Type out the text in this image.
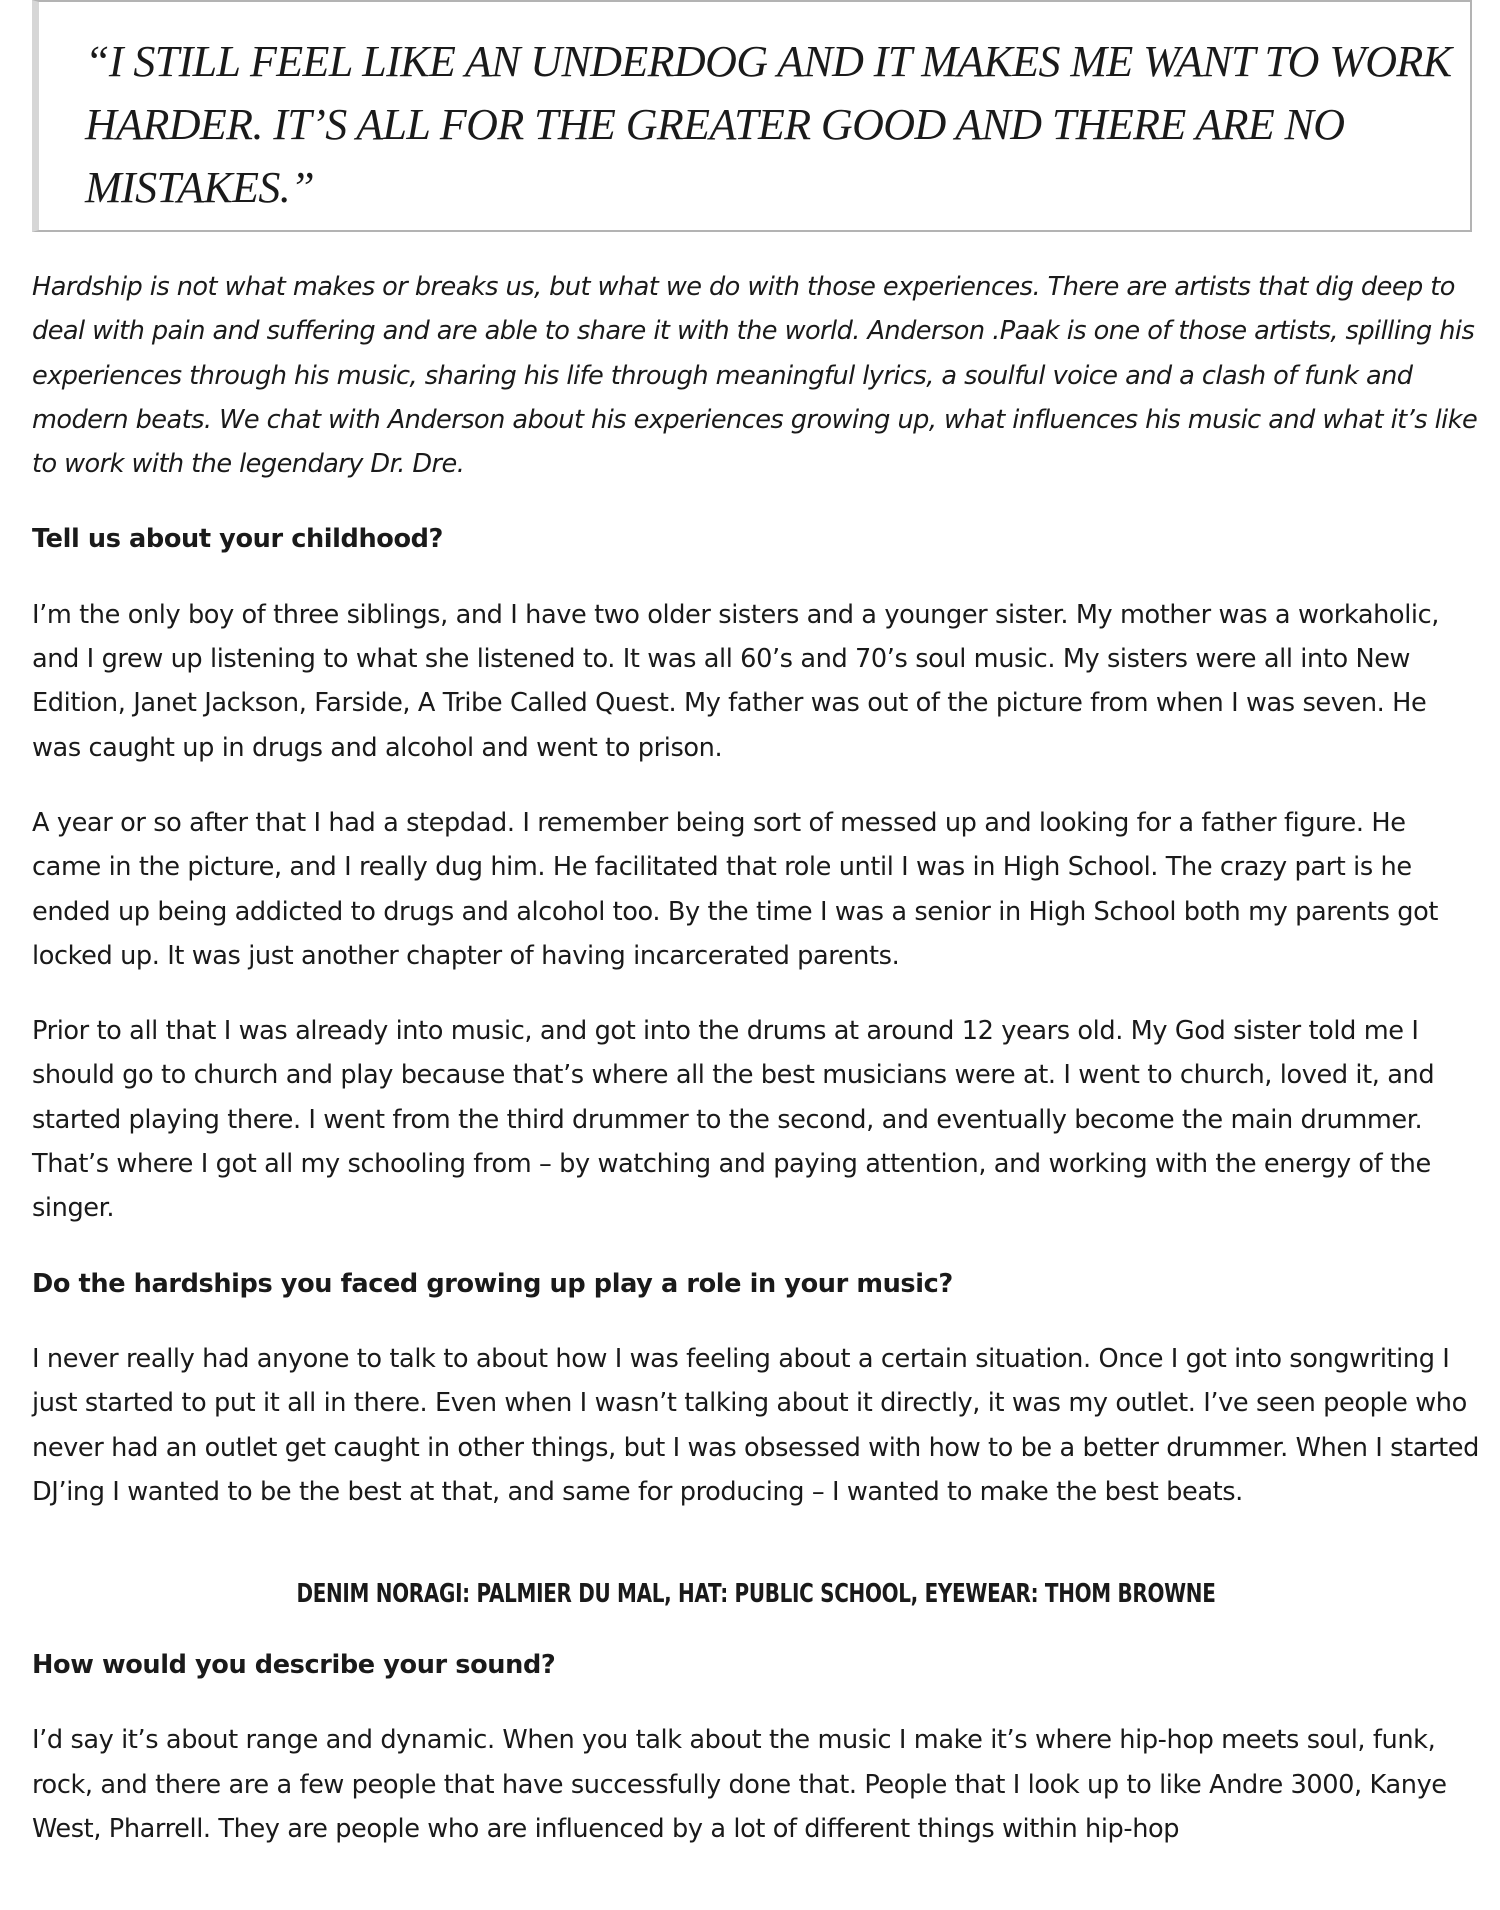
“I STILL FEEL LIKE AN UNDERDOG AND IT MAKES ME WANT TO WORK HARDER. IT’S ALL FOR THE GREATER GOOD AND THERE ARE NO MISTAKES.”

Hardship is not what makes or breaks us, but what we do with those experiences. There are artists that dig deep to deal with pain and suffering and are able to share it with the world. Anderson .Paak is one of those artists, spilling his experiences through his music, sharing his life through meaningful lyrics, a soulful voice and a clash of funk and modern beats. We chat with Anderson about his experiences growing up, what influences his music and what it’s like to work with the legendary Dr. Dre.

Tell us about your childhood?

I’m the only boy of three siblings, and I have two older sisters and a younger sister. My mother was a workaholic, and I grew up listening to what she listened to. It was all 60’s and 70’s soul music. My sisters were all into New Edition, Janet Jackson, Farside, A Tribe Called Quest. My father was out of the picture from when I was seven. He was caught up in drugs and alcohol and went to prison.

A year or so after that I had a stepdad. I remember being sort of messed up and looking for a father figure. He came in the picture, and I really dug him. He facilitated that role until I was in High School. The crazy part is he ended up being addicted to drugs and alcohol too. By the time I was a senior in High School both my parents got locked up. It was just another chapter of having incarcerated parents.

Prior to all that I was already into music, and got into the drums at around 12 years old. My God sister told me I should go to church and play because that’s where all the best musicians were at. I went to church, loved it, and started playing there. I went from the third drummer to the second, and eventually become the main drummer. That’s where I got all my schooling from – by watching and paying attention, and working with the energy of the singer.

Do the hardships you faced growing up play a role in your music?

I never really had anyone to talk to about how I was feeling about a certain situation. Once I got into songwriting I just started to put it all in there. Even when I wasn’t talking about it directly, it was my outlet. I’ve seen people who never had an outlet get caught in other things, but I was obsessed with how to be a better drummer. When I started DJ’ing I wanted to be the best at that, and same for producing – I wanted to make the best beats.

DENIM NORAGI: PALMIER DU MAL, HAT: PUBLIC SCHOOL, EYEWEAR: THOM BROWNE

How would you describe your sound?

I’d say it’s about range and dynamic. When you talk about the music I make it’s where hip-hop meets soul, funk, rock, and there are a few people that have successfully done that. People that I look up to like Andre 3000, Kanye West, Pharrell. They are people who are influenced by a lot of different things within hip-hop
